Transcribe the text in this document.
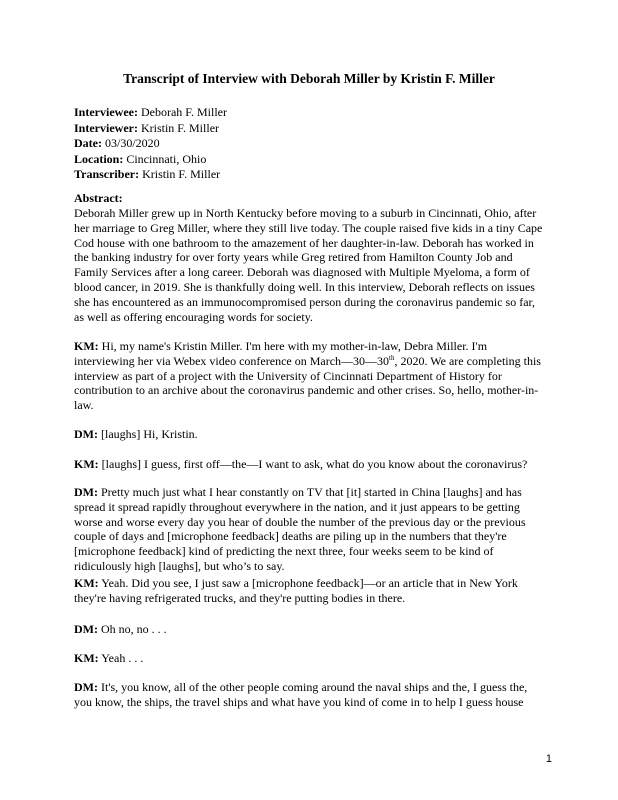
Transcript of Interview with Deborah Miller by Kristin F. Miller
Interviewee: Deborah F. Miller
Interviewer: Kristin F. Miller
Date: 03/30/2020
Location: Cincinnati, Ohio
Transcriber: Kristin F. Miller
Abstract:
Deborah Miller grew up in North Kentucky before moving to a suburb in Cincinnati, Ohio, after her marriage to Greg Miller, where they still live today. The couple raised five kids in a tiny Cape Cod house with one bathroom to the amazement of her daughter-in-law. Deborah has worked in the banking industry for over forty years while Greg retired from Hamilton County Job and Family Services after a long career. Deborah was diagnosed with Multiple Myeloma, a form of blood cancer, in 2019. She is thankfully doing well. In this interview, Deborah reflects on issues she has encountered as an immunocompromised person during the coronavirus pandemic so far, as well as offering encouraging words for society.
KM: Hi, my name's Kristin Miller. I'm here with my mother-in-law, Debra Miller. I'm interviewing her via Webex video conference on March—30—30th, 2020. We are completing this interview as part of a project with the University of Cincinnati Department of History for contribution to an archive about the coronavirus pandemic and other crises. So, hello, mother-in-law.
DM: [laughs] Hi, Kristin.
KM: [laughs] I guess, first off—the—I want to ask, what do you know about the coronavirus?
DM: Pretty much just what I hear constantly on TV that [it] started in China [laughs] and has spread it spread rapidly throughout everywhere in the nation, and it just appears to be getting worse and worse every day you hear of double the number of the previous day or the previous couple of days and [microphone feedback] deaths are piling up in the numbers that they're [microphone feedback] kind of predicting the next three, four weeks seem to be kind of ridiculously high [laughs], but who’s to say.
KM: Yeah. Did you see, I just saw a [microphone feedback]—or an article that in New York they're having refrigerated trucks, and they're putting bodies in there.
DM: Oh no, no . . .
KM: Yeah . . .
DM: It's, you know, all of the other people coming around the naval ships and the, I guess the, you know, the ships, the travel ships and what have you kind of come in to help I guess house
1
